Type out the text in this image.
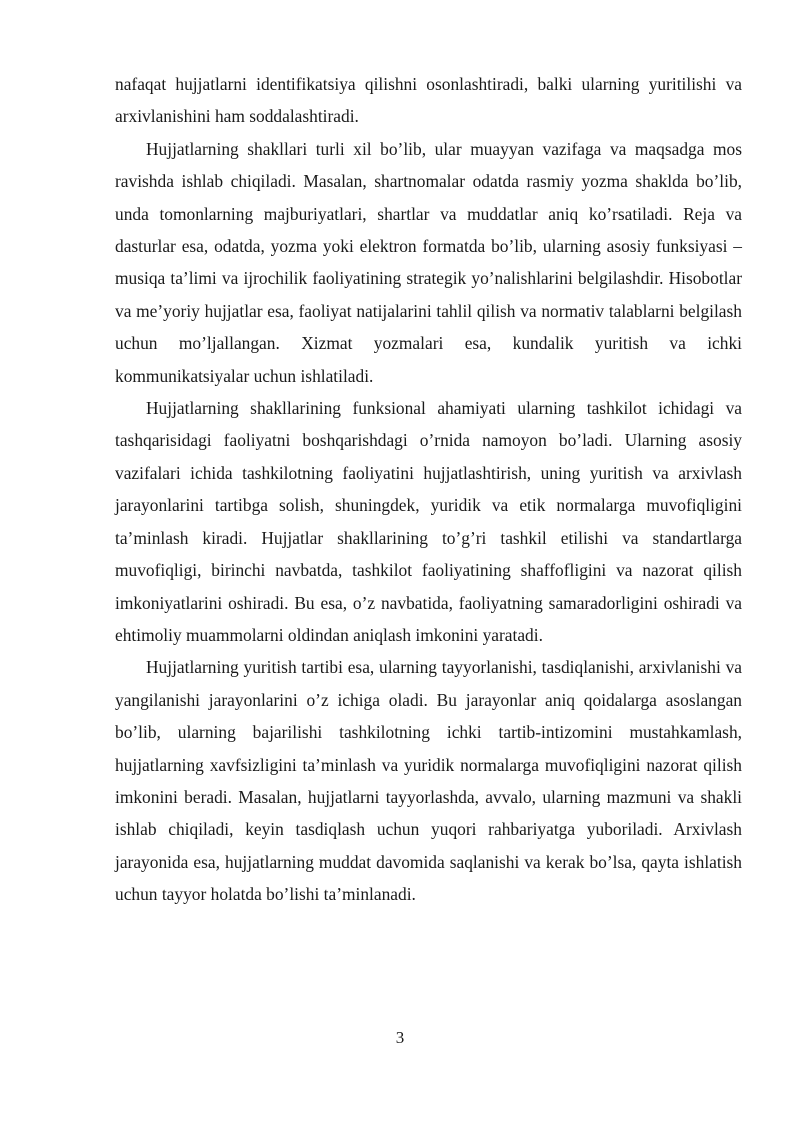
nafaqat hujjatlarni identifikatsiya qilishni osonlashtiradi, balki ularning yuritilishi va arxivlanishini ham soddalashtiradi.

Hujjatlarning shakllari turli xil bo’lib, ular muayyan vazifaga va maqsadga mos ravishda ishlab chiqiladi. Masalan, shartnomalar odatda rasmiy yozma shaklda bo’lib, unda tomonlarning majburiyatlari, shartlar va muddatlar aniq ko’rsatiladi. Reja va dasturlar esa, odatda, yozma yoki elektron formatda bo’lib, ularning asosiy funksiyasi – musiqa ta’limi va ijrochilik faoliyatining strategik yo’nalishlarini belgilashdir. Hisobotlar va me’yoriy hujjatlar esa, faoliyat natijalarini tahlil qilish va normativ talablarni belgilash uchun mo’ljallangan. Xizmat yozmalari esa, kundalik yuritish va ichki kommunikatsiyalar uchun ishlatiladi.

Hujjatlarning shakllarining funksional ahamiyati ularning tashkilot ichidagi va tashqarisidagi faoliyatni boshqarishdagi o’rnida namoyon bo’ladi. Ularning asosiy vazifalari ichida tashkilotning faoliyatini hujjatlashtirish, uning yuritish va arxivlash jarayonlarini tartibga solish, shuningdek, yuridik va etik normalarga muvofiqligini ta’minlash kiradi. Hujjatlar shakllarining to’g’ri tashkil etilishi va standartlarga muvofiqligi, birinchi navbatda, tashkilot faoliyatining shaffofligini va nazorat qilish imkoniyatlarini oshiradi. Bu esa, o’z navbatida, faoliyatning samaradorligini oshiradi va ehtimoliy muammolarni oldindan aniqlash imkonini yaratadi.

Hujjatlarning yuritish tartibi esa, ularning tayyorlanishi, tasdiqlanishi, arxivlanishi va yangilanishi jarayonlarini o’z ichiga oladi. Bu jarayonlar aniq qoidalarga asoslangan bo’lib, ularning bajarilishi tashkilotning ichki tartib-intizomini mustahkamlash, hujjatlarning xavfsizligini ta’minlash va yuridik normalarga muvofiqligini nazorat qilish imkonini beradi. Masalan, hujjatlarni tayyorlashda, avvalo, ularning mazmuni va shakli ishlab chiqiladi, keyin tasdiqlash uchun yuqori rahbariyatga yuboriladi. Arxivlash jarayonida esa, hujjatlarning muddat davomida saqlanishi va kerak bo’lsa, qayta ishlatish uchun tayyor holatda bo’lishi ta’minlanadi.

3
